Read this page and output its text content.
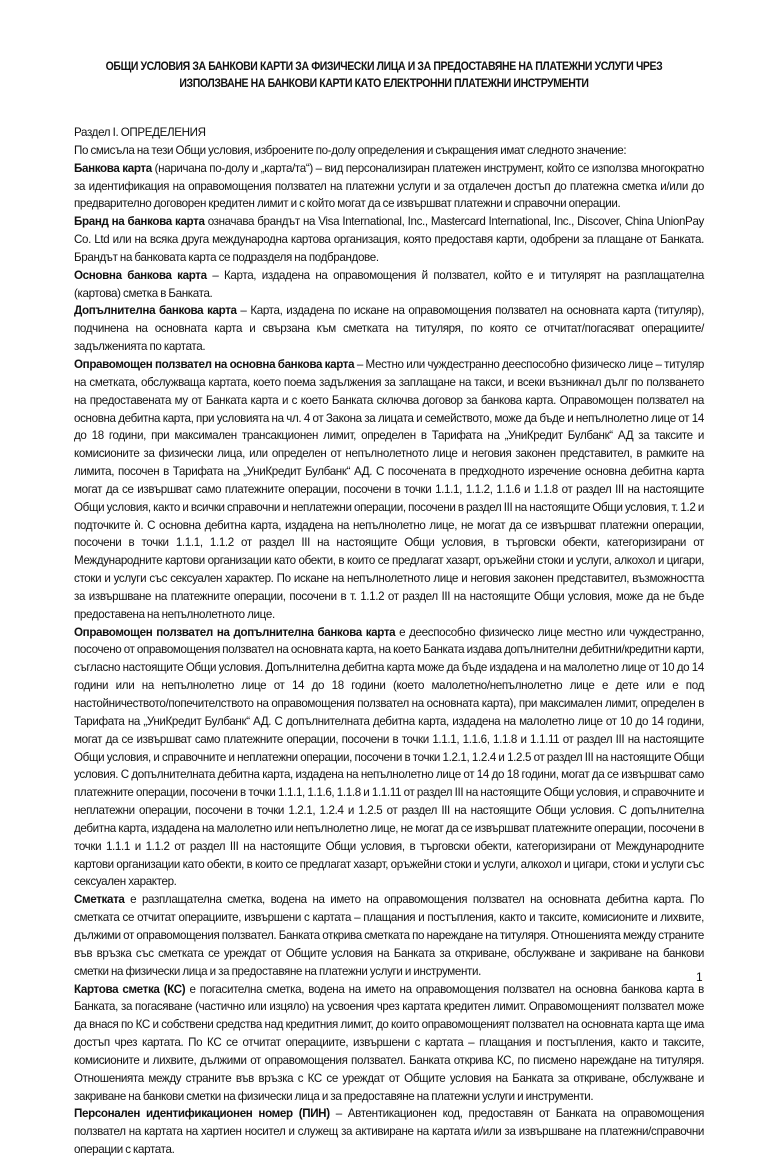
ОБЩИ УСЛОВИЯ ЗА БАНКОВИ КАРТИ ЗА ФИЗИЧЕСКИ ЛИЦА И ЗА ПРЕДОСТАВЯНЕ НА ПЛАТЕЖНИ УСЛУГИ ЧРЕЗ ИЗПОЛЗВАНЕ НА БАНКОВИ КАРТИ КАТО ЕЛЕКТРОННИ ПЛАТЕЖНИ ИНСТРУМЕНТИ

Раздел I. ОПРЕДЕЛЕНИЯ

По смисъла на тези Общи условия, изброените по-долу определения и съкращения имат следното значение:

Банкова карта (наричана по-долу и „карта/та“) – вид персонализиран платежен инструмент, който се използва многократно за идентификация на оправомощения ползвател на платежни услуги и за отдалечен достъп до платежна сметка и/или до предварително договорен кредитен лимит и с който могат да се извършват платежни и справочни операции.

Бранд на банкова карта означава брандът на Visa International, Inc., Mastercard International, Inc., Discover, China UnionPay Co. Ltd или на всяка друга международна картова организация, която предоставя карти, одобрени за плащане от Банката. Брандът на банковата карта се подразделя на подбрандове.

Основна банкова карта – Карта, издадена на оправомощения й ползвател, който е и титулярят на разплащателна (картова) сметка в Банката.

Допълнителна банкова карта – Карта, издадена по искане на оправомощения ползвател на основната карта (титуляр), подчинена на основната карта и свързана към сметката на титуляря, по която се отчитат/погасяват операциите/задълженията по картата.

Оправомощен ползвател на основна банкова карта – Местно или чуждестранно дееспособно физическо лице – титуляр на сметката, обслужваща картата, което поема задължения за заплащане на такси, и всеки възникнал дълг по ползването на предоставената му от Банката карта и с което Банката сключва договор за банкова карта. Оправомощен ползвател на основна дебитна карта, при условията на чл. 4 от Закона за лицата и семейството, може да бъде и непълнолетно лице от 14 до 18 години, при максимален трансакционен лимит, определен в Тарифата на „УниКредит Булбанк“ АД за таксите и комисионите за физически лица, или определен от непълнолетното лице и неговия законен представител, в рамките на лимита, посочен в Тарифата на „УниКредит Булбанк“ АД. С посочената в предходното изречение основна дебитна карта могат да се извършват само платежните операции, посочени в точки 1.1.1, 1.1.2, 1.1.6 и 1.1.8 от раздел III на настоящите Общи условия, както и всички справочни и неплатежни операции, посочени в раздел III на настоящите Общи условия, т. 1.2 и подточките ѝ. С основна дебитна карта, издадена на непълнолетно лице, не могат да се извършват платежни операции, посочени в точки 1.1.1, 1.1.2 от раздел III на настоящите Общи условия, в търговски обекти, категоризирани от Международните картови организации като обекти, в които се предлагат хазарт, оръжейни стоки и услуги, алкохол и цигари, стоки и услуги със сексуален характер. По искане на непълнолетното лице и неговия законен представител, възможността за извършване на платежните операции, посочени в т. 1.1.2 от раздел III на настоящите Общи условия, може да не бъде предоставена на непълнолетното лице.

Оправомощен ползвател на допълнителна банкова карта е дееспособно физическо лице местно или чуждестранно, посочено от оправомощения ползвател на основната карта, на което Банката издава допълнителни дебитни/кредитни карти, съгласно настоящите Общи условия. Допълнителна дебитна карта може да бъде издадена и на малолетно лице от 10 до 14 години или на непълнолетно лице от 14 до 18 години (което малолетно/непълнолетно лице е дете или е под настойничеството/попечителството на оправомощения ползвател на основната карта), при максимален лимит, определен в Тарифата на „УниКредит Булбанк“ АД. С допълнителната дебитна карта, издадена на малолетно лице от 10 до 14 години, могат да се извършват само платежните операции, посочени в точки 1.1.1, 1.1.6, 1.1.8 и 1.1.11 от раздел III на настоящите Общи условия, и справочните и неплатежни операции, посочени в точки 1.2.1, 1.2.4 и 1.2.5 от раздел III на настоящите Общи условия. С допълнителната дебитна карта, издадена на непълнолетно лице от 14 до 18 години, могат да се извършват само платежните операции, посочени в точки 1.1.1, 1.1.6, 1.1.8 и 1.1.11 от раздел III на настоящите Общи условия, и справочните и неплатежни операции, посочени в точки 1.2.1, 1.2.4 и 1.2.5 от раздел III на настоящите Общи условия. С допълнителна дебитна карта, издадена на малолетно или непълнолетно лице, не могат да се извършват платежните операции, посочени в точки 1.1.1 и 1.1.2 от раздел III на настоящите Общи условия, в търговски обекти, категоризирани от Международните картови организации като обекти, в които се предлагат хазарт, оръжейни стоки и услуги, алкохол и цигари, стоки и услуги със сексуален характер.

Сметката е разплащателна сметка, водена на името на оправомощения ползвател на основната дебитна карта. По сметката се отчитат операциите, извършени с картата – плащания и постъпления, както и таксите, комисионите и лихвите, дължими от оправомощения ползвател. Банката открива сметката по нареждане на титуляря. Отношенията между страните във връзка със сметката се уреждат от Общите условия на Банката за откриване, обслужване и закриване на банкови сметки на физически лица и за предоставяне на платежни услуги и инструменти.

Картова сметка (КС) е погасителна сметка, водена на името на оправомощения ползвател на основна банкова карта в Банката, за погасяване (частично или изцяло) на усвоения чрез картата кредитен лимит. Оправомощеният ползвател може да внася по КС и собствени средства над кредитния лимит, до които оправомощеният ползвател на основната карта ще има достъп чрез картата. По КС се отчитат операциите, извършени с картата – плащания и постъпления, както и таксите, комисионите и лихвите, дължими от оправомощения ползвател. Банката открива КС, по писмено нареждане на титуляря. Отношенията между страните във връзка с КС се уреждат от Общите условия на Банката за откриване, обслужване и закриване на банкови сметки на физически лица и за предоставяне на платежни услуги и инструменти.

Персонален идентификационен номер (ПИН) – Автентикационен код, предоставян от Банката на оправомощения ползвател на картата на хартиен носител и служещ за активиране на картата и/или за извършване на платежни/справочни операции с картата.

1
